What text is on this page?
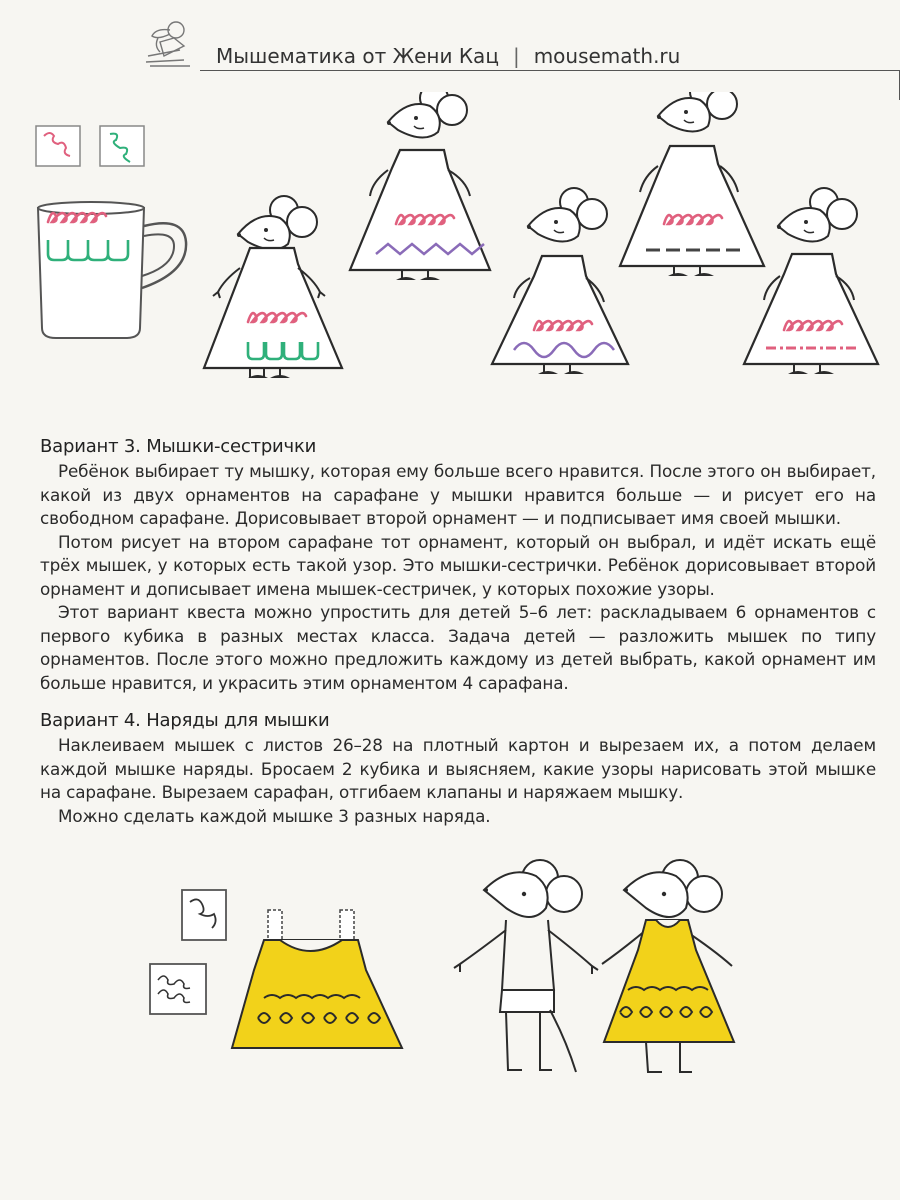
Мышематика от Жени Кац | mousemath.ru
Вариант 3. Мышки-сестрички

Ребёнок выбирает ту мышку, которая ему больше всего нравится. После этого он выбирает, какой из двух орнаментов на сарафане у мышки нравится больше — и рисует его на свободном сарафане. Дорисовывает второй орнамент — и подписывает имя своей мышки.

Потом рисует на втором сарафане тот орнамент, который он выбрал, и идёт искать ещё трёх мышек, у которых есть такой узор. Это мышки-сестрички. Ребёнок дорисовывает второй орнамент и дописывает имена мышек-сестричек, у которых похожие узоры.

Этот вариант квеста можно упростить для детей 5–6 лет: раскладываем 6 орнаментов с первого кубика в разных местах класса. Задача детей — разложить мышек по типу орнаментов. После этого можно предложить каждому из детей выбрать, какой орнамент им больше нравится, и украсить этим орнаментом 4 сарафана.

Вариант 4. Наряды для мышки

Наклеиваем мышек с листов 26–28 на плотный картон и вырезаем их, а потом делаем каждой мышке наряды. Бросаем 2 кубика и выясняем, какие узоры нарисовать этой мышке на сарафане. Вырезаем сарафан, отгибаем клапаны и наряжаем мышку.

Можно сделать каждой мышке 3 разных наряда.
